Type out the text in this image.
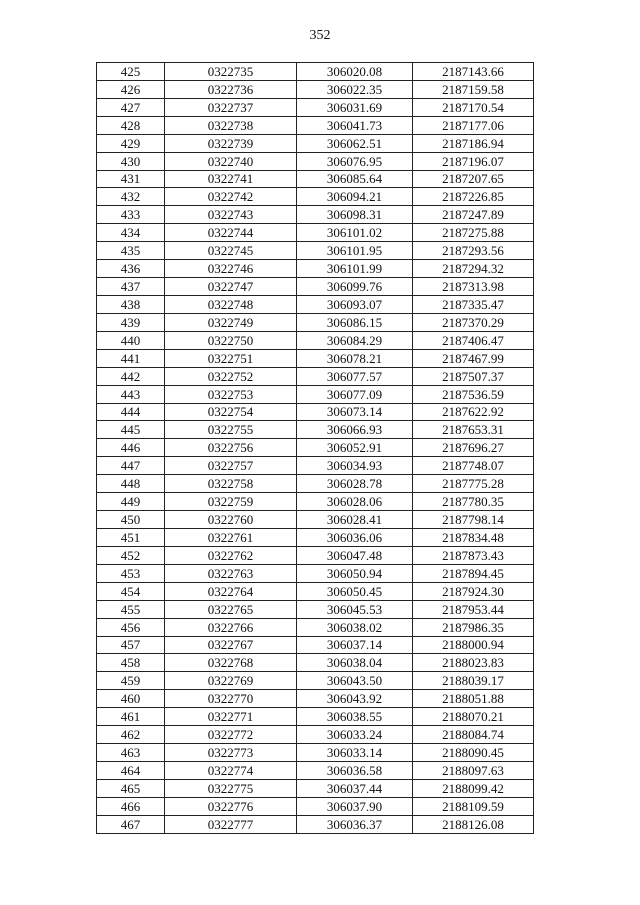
352
425	0322735	306020.08	2187143.66
426	0322736	306022.35	2187159.58
427	0322737	306031.69	2187170.54
428	0322738	306041.73	2187177.06
429	0322739	306062.51	2187186.94
430	0322740	306076.95	2187196.07
431	0322741	306085.64	2187207.65
432	0322742	306094.21	2187226.85
433	0322743	306098.31	2187247.89
434	0322744	306101.02	2187275.88
435	0322745	306101.95	2187293.56
436	0322746	306101.99	2187294.32
437	0322747	306099.76	2187313.98
438	0322748	306093.07	2187335.47
439	0322749	306086.15	2187370.29
440	0322750	306084.29	2187406.47
441	0322751	306078.21	2187467.99
442	0322752	306077.57	2187507.37
443	0322753	306077.09	2187536.59
444	0322754	306073.14	2187622.92
445	0322755	306066.93	2187653.31
446	0322756	306052.91	2187696.27
447	0322757	306034.93	2187748.07
448	0322758	306028.78	2187775.28
449	0322759	306028.06	2187780.35
450	0322760	306028.41	2187798.14
451	0322761	306036.06	2187834.48
452	0322762	306047.48	2187873.43
453	0322763	306050.94	2187894.45
454	0322764	306050.45	2187924.30
455	0322765	306045.53	2187953.44
456	0322766	306038.02	2187986.35
457	0322767	306037.14	2188000.94
458	0322768	306038.04	2188023.83
459	0322769	306043.50	2188039.17
460	0322770	306043.92	2188051.88
461	0322771	306038.55	2188070.21
462	0322772	306033.24	2188084.74
463	0322773	306033.14	2188090.45
464	0322774	306036.58	2188097.63
465	0322775	306037.44	2188099.42
466	0322776	306037.90	2188109.59
467	0322777	306036.37	2188126.08
